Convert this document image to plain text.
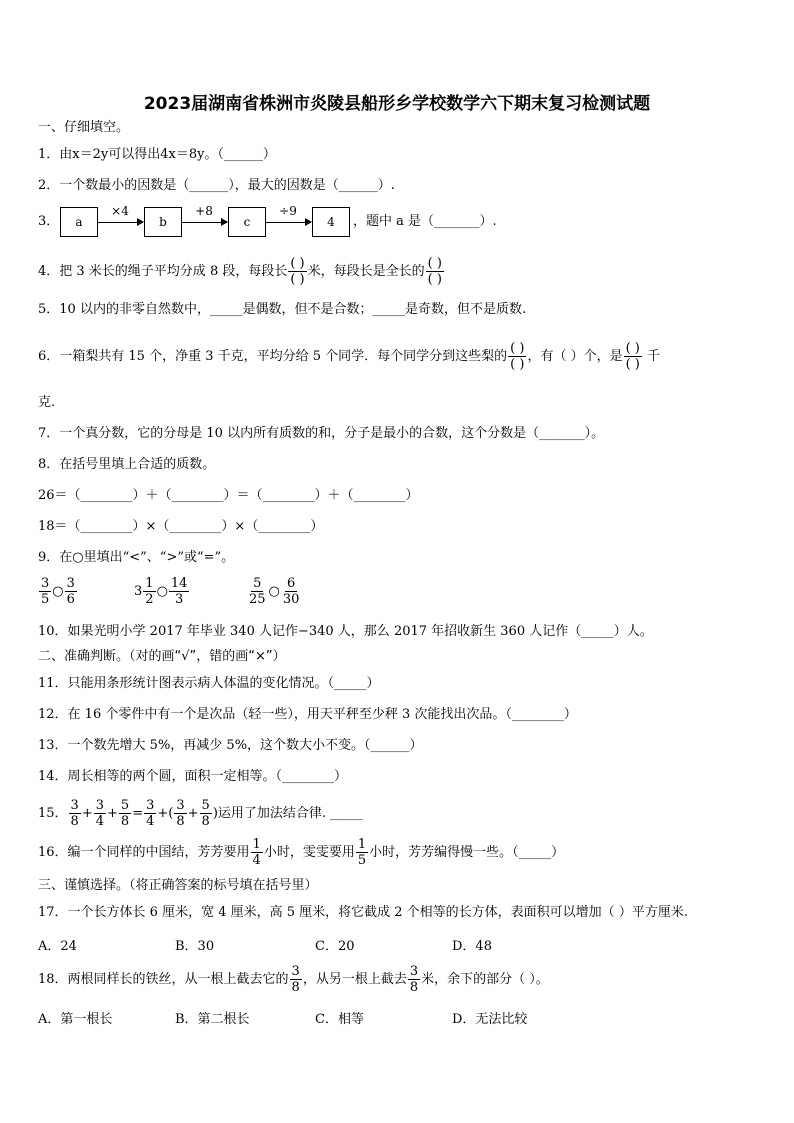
2023届湖南省株洲市炎陵县船形乡学校数学六下期末复习检测试题
一、仔细填空。
1．由x＝2y可以得出4x＝8y。（______）
2．一个数最小的因数是（______），最大的因数是（______）.
3．	a
×4
b
+8
c
÷9
4	，题中 a 是（_______）.
4．把 3 米长的绳子平均分成 8 段，每段长 $\frac{( )}{( )}$ 米，每段长是全长的 $\frac{( )}{( )}$
5．10 以内的非零自然数中，_____是偶数，但不是合数；_____是奇数，但不是质数.
6．一箱梨共有 15 个，净重 3 千克，平均分给 5 个同学．每个同学分到这些梨的 $\frac{( )}{( )}$ ，有（ ）个，是 $\frac{( )}{( )}$ 千
克.
7．一个真分数，它的分母是 10 以内所有质数的和，分子是最小的合数，这个分数是（_______）。
8．在括号里填上合适的质数。
26＝（________）＋（________）＝（________）＋（________）
18＝（________）×（________）×（________）
9．在○里填出“<”、“>”或“=”。
$\frac{3}{5}$ ○ $\frac{3}{6}$	$3 \frac{1}{2}$ ○ $\frac{14}{3}$	$\frac{5}{25}$ ○ $\frac{6}{30}$
10．如果光明小学 2017 年毕业 340 人记作−340 人，那么 2017 年招收新生 360 人记作（_____）人。
二、准确判断。（对的画“√”，错的画“×”）
11．只能用条形统计图表示病人体温的变化情况。（_____）
12．在 16 个零件中有一个是次品（轻一些），用天平秤至少秤 3 次能找出次品。（________）
13．一个数先增大 5%，再减少 5%，这个数大小不变。（______）
14．周长相等的两个圆，面积一定相等。（________）
15． $\frac{3}{8} + \frac{3}{4} + \frac{5}{8} = \frac{3}{4}$ +( $\frac{3}{8} + \frac{5}{8}$ )运用了加法结合律. _____
16．编一个同样的中国结，芳芳要用 $\frac{1}{4}$ 小时，雯雯要用 $\frac{1}{5}$ 小时，芳芳编得慢一些。（_____）
三、谨慎选择。（将正确答案的标号填在括号里）
17．一个长方体长 6 厘米，宽 4 厘米，高 5 厘米，将它截成 2 个相等的长方体，表面积可以增加（ ）平方厘米.
A．24	B．30	C．20	D．48
18．两根同样长的铁丝，从一根上截去它的 $\frac{3}{8}$ ，从另一根上截去 $\frac{3}{8}$ 米，余下的部分（ ）。
A．第一根长	B．第二根长	C．相等	D．无法比较
